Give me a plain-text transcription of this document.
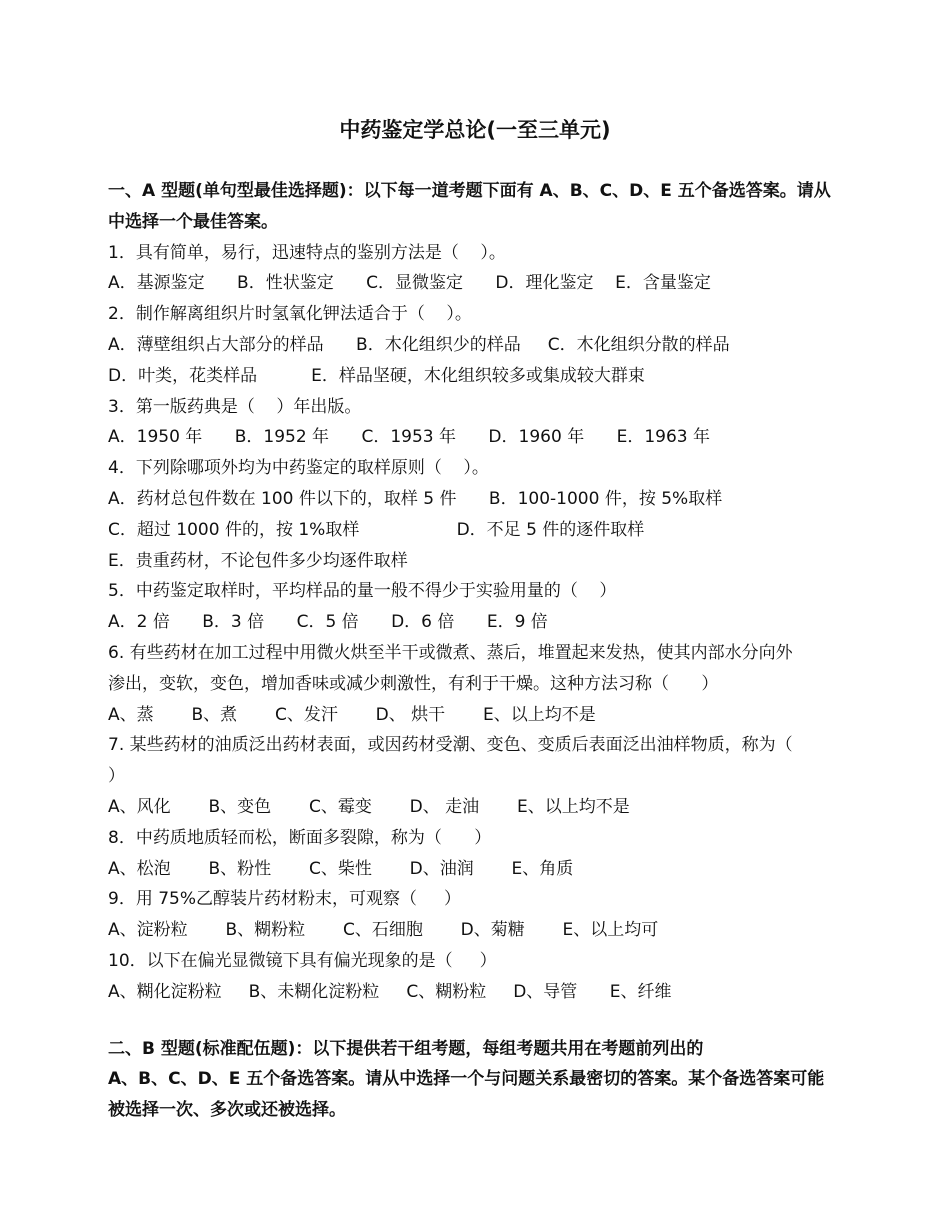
中药鉴定学总论(一至三单元)
一、A 型题(单句型最佳选择题)：以下每一道考题下面有 A、B、C、D、E 五个备选答案。请从
中选择一个最佳答案。
1．具有简单，易行，迅速特点的鉴别方法是（    ）。
A．基源鉴定      B．性状鉴定      C．显微鉴定      D．理化鉴定    E．含量鉴定
2．制作解离组织片时氢氧化钾法适合于（    ）。
A．薄壁组织占大部分的样品      B．木化组织少的样品     C．木化组织分散的样品
D．叶类，花类样品          E．样品坚硬，木化组织较多或集成较大群束
3．第一版药典是（    ）年出版。
A．1950 年      B．1952 年      C．1953 年      D．1960 年      E．1963 年
4．下列除哪项外均为中药鉴定的取样原则（    ）。
A．药材总包件数在 100 件以下的，取样 5 件      B．100-1000 件，按 5%取样
C．超过 1000 件的，按 1%取样                  D．不足 5 件的逐件取样
E．贵重药材，不论包件多少均逐件取样
5．中药鉴定取样时，平均样品的量一般不得少于实验用量的（    ）
A．2 倍      B．3 倍      C．5 倍      D．6 倍      E．9 倍
6. 有些药材在加工过程中用微火烘至半干或微煮、蒸后，堆置起来发热，使其内部水分向外
渗出，变软，变色，增加香味或减少刺激性，有利于干燥。这种方法习称（      ）
A、蒸       B、煮       C、发汗       D、 烘干       E、以上均不是
7. 某些药材的油质泛出药材表面，或因药材受潮、变色、变质后表面泛出油样物质，称为（
）
A、风化       B、变色       C、霉变       D、 走油       E、以上均不是
8．中药质地质轻而松，断面多裂隙，称为（      ）
A、松泡       B、粉性       C、柴性       D、油润       E、角质
9．用 75%乙醇装片药材粉末，可观察（     ）
A、淀粉粒       B、糊粉粒       C、石细胞       D、菊糖       E、以上均可
10．以下在偏光显微镜下具有偏光现象的是（     ）
A、糊化淀粉粒     B、未糊化淀粉粒     C、糊粉粒     D、导管      E、纤维
二、B 型题(标准配伍题)：以下提供若干组考题，每组考题共用在考题前列出的
A、B、C、D、E 五个备选答案。请从中选择一个与问题关系最密切的答案。某个备选答案可能
被选择一次、多次或还被选择。
